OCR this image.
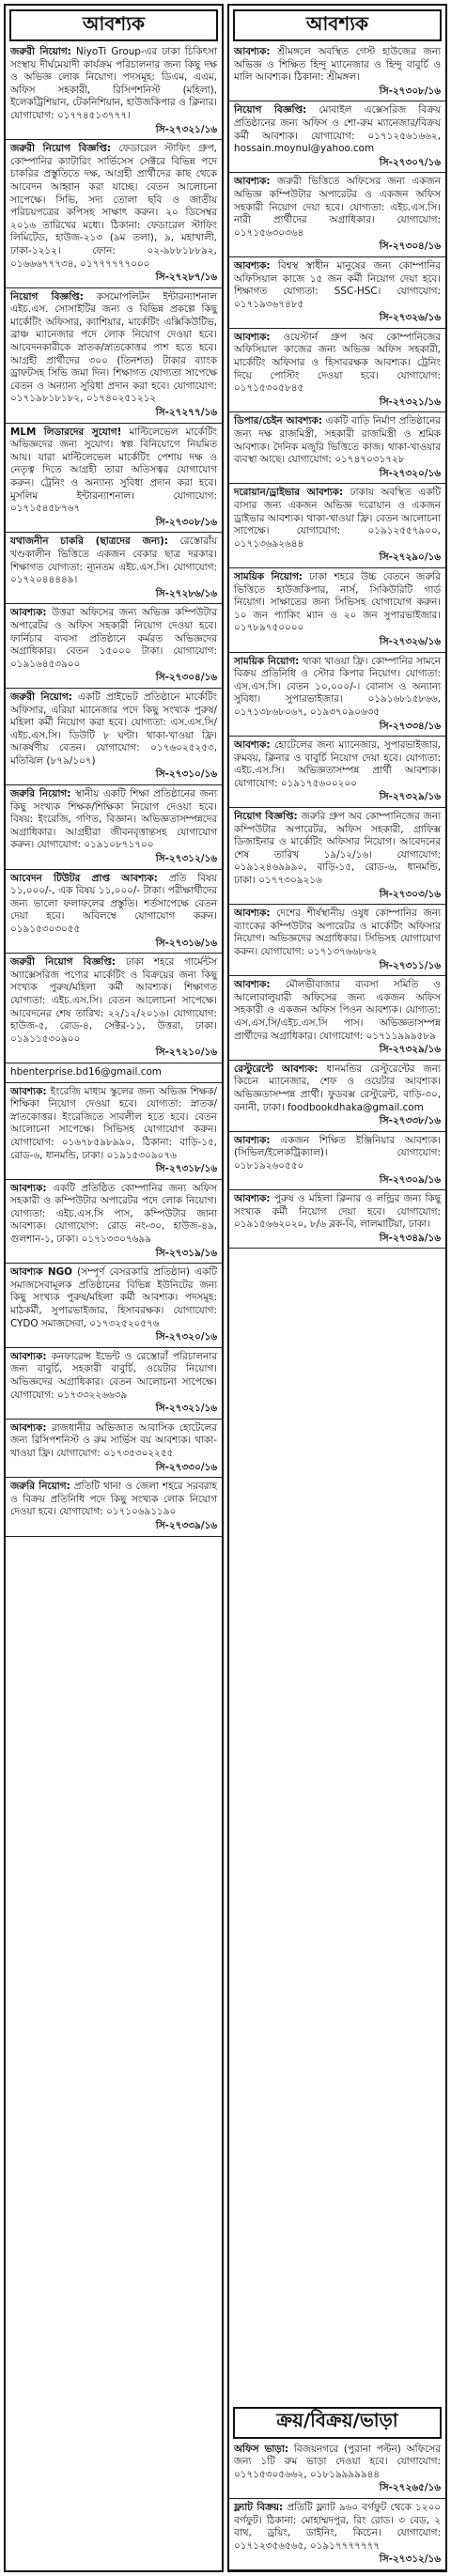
আবশ্যক
জরুরী নিয়োগ: NiyoTi Group-এর ঢাকা চিকিৎসা সংস্থায় দীর্ঘমেয়াদী কার্যক্রম পরিচালনার জন্য কিছু দক্ষ ও অভিজ্ঞ লোক নিয়োগ। পদসমূহ: ডিএম, এএম, অফিস সহকারী, রিসিপশনিস্ট (মহিলা), ইলেকট্রিশিয়ান, টেকনিশিয়ান, হাউজকিপার ও ক্লিনার। যোগাযোগ: ০১৭৭৪৫১৩৭৭৭।
সি-২৭৩২১/১৬
জরুরী নিয়োগ বিজ্ঞপ্তি: ফেডারেল স্টাফিং গ্রুপ, কোম্পানির ক্যাটারিং সার্ভিসেস সেক্টরে বিভিন্ন পদে চাকরির প্রস্তুতিতে দক্ষ, আগ্রহী প্রার্থীদের কাছ থেকে আবেদন আহ্বান করা যাচ্ছে। বেতন আলোচনা সাপেক্ষে। সিভি, সদ্য তোলা ছবি ও জাতীয় পরিচয়পত্রের কপিসহ সাক্ষাৎ করুন। ২০ ডিসেম্বর ২০১৬ তারিখের মধ্যে। ঠিকানা: ফেডারেল স্টাফিং লিমিটেড, হাউজ-২১৩ (৯ম তলা), ৯, মহাখালী, ঢাকা-১২১২। ফোন: ০২-৯৮৮১৮৮৯২, ০১৬৬৬৭৭৭৩৪, ০১৭৭৭৭৭৭০০০
সি-২৭২৮৭/১৬
নিয়োগ বিজ্ঞপ্তি: কসমোপলিটন ইন্টারন্যাশনাল এইচ.এস. সোসাইটির জন্য ও বিভিন্ন প্রকল্পে কিছু মার্কেটিং অফিসার, ক্যাশিয়ার, মার্কেটিং এক্সিকিউটিভ, ব্রাঞ্চ ম্যানেজার পদে লোক নিয়োগ দেওয়া হবে। আবেদনকারীকে স্নাতক/স্নাতকোত্তর পাশ হতে হবে। আগ্রহী প্রার্থীদের ৩০০ (তিনশত) টাকার ব্যাংক ড্রাফটসহ সিভি জমা দিন। শিক্ষাগত যোগ্যতা সাপেক্ষে বেতন ও অন্যান্য সুবিধা প্রদান করা হবে। যোগাযোগ: ০১৭১৯৮১৮১৮২, ০১৭৪০২৫১২১২
সি-২৭২৭৭/১৬
MLM লিডারদের সুযোগ! মাল্টিলেভেল মার্কেটিং অভিজ্ঞদের জন্য সুযোগ। স্বল্প বিনিয়োগে নিয়মিত আয়। যারা মাল্টিলেভেল মার্কেটিং পেশায় দক্ষ ও নেতৃত্ব দিতে আগ্রহী তারা অতিসত্বর যোগাযোগ করুন। ট্রেনিং ও অন্যান্য সুবিধা প্রদান করা হবে। মুসলিম ইন্টারন্যাশনাল। যোগাযোগ: ০১৭১৫৪৫৮৭৬৭
সি-২৭৩০৮/১৬
যথাজনীন চাকরি (ছাত্রদের জন্য): রেস্তোরাঁয় খণ্ডকালীন ভিত্তিতে একজন বেকার ছাত্র দরকার। শিক্ষাগত যোগ্যতা: ন্যূনতম এইচ.এস.সি। যোগাযোগ: ০১৭২০৪৪৪৪৯।
সি-২৭২৮৬/১৬
আবশ্যক: উত্তরা অফিসের জন্য অভিজ্ঞ কম্পিউটার অপারেটর ও অফিস সহকারী নিয়োগ দেওয়া হবে। ফার্নিচার ব্যবসা প্রতিষ্ঠানে কর্মরত অভিজ্ঞদের অগ্রাধিকার। বেতন ১৫০০০ টাকা। যোগাযোগ: ০১৯১৬৪৫৩৯০০
সি-২৭৩০৪/১৬
জরুরী নিয়োগ: একটি প্রাইভেট প্রতিষ্ঠানে মার্কেটিং অফিসার, এরিয়া ম্যানেজার পদে কিছু সংখ্যক পুরুষ/মহিলা কর্মী নিয়োগ করা হবে। যোগ্যতা: এস.এস.সি/এইচ.এস.সি। ডিউটি ৮ ঘণ্টা। থাকা-খাওয়া ফ্রি। আকর্ষণীয় বেতন। যোগাযোগ: ০১৭৬০২৫২৫৩, মতিঝিল (৮৭৯/১০৭)
সি-২৭৩১০/১৬
জরুরি নিয়োগ: স্থানীয় একটি শিক্ষা প্রতিষ্ঠানের জন্য কিছু সংখ্যক শিক্ষক/শিক্ষিকা নিয়োগ দেওয়া হবে। বিষয়: ইংরেজি, গণিত, বিজ্ঞান। অভিজ্ঞতাসম্পন্নদের অগ্রাধিকার। আগ্রহীরা জীবনবৃত্তান্তসহ যোগাযোগ করুন। যোগাযোগ: ০১৯১০৮৭১৭০০
সি-২৭৩১২/১৬
আবেদন টিউটর প্রাপ্ত আবশ্যক: প্রতি বিষয় ১১,০০০/-, এক বিষয় ১১,০০০/- টাকা। পরীক্ষার্থীদের জন্য ভালো ফলাফলের প্রস্তুতি। শর্তসাপেক্ষে বেতন দেয়া হবে। অবিলম্বে যোগাযোগ করুন। ০১৯১৫৩০৩০৫৫
সি-২৭৩১৬/১৬
জরুরী নিয়োগ বিজ্ঞপ্তি: ঢাকা শহরে গার্মেন্টস অ্যাক্সেসরিজ পণ্যের মার্কেটিং ও বিক্রয়ের জন্য কিছু সংখ্যক পুরুষ/মহিলা কর্মী আবশ্যক। শিক্ষাগত যোগ্যতা: এইচ.এস.সি। বেতন আলোচনা সাপেক্ষে। আবেদনের শেষ তারিখ: ২২/১২/২০১৬। যোগাযোগ: হাউজ-৫, রোড-৪, সেক্টর-১১, উত্তরা, ঢাকা। ০১৯১১৫৩০৯০০
সি-২৭২১০/১৬
hbenterprise.bd16@gmail.com
আবশ্যক: ইংরেজি মাধ্যম স্কুলের জন্য অভিজ্ঞ শিক্ষক/শিক্ষিকা নিয়োগ দেওয়া হবে। যোগ্যতা: স্নাতক/স্নাতকোত্তর। ইংরেজিতে সাবলীল হতে হবে। বেতন আলোচনা সাপেক্ষে। সিভিসহ যোগাযোগ করুন। যোগাযোগ: ০১৬৭৮৫৯৮৯৯০, ঠিকানা: বাড়ি-১৫, রোড-৬, ধানমন্ডি, ঢাকা। ০১৯১৫৩০৯০৭৬
সি-২৭৩১৮/১৬
আবশ্যক: একটি প্রতিষ্ঠিত কোম্পানির জন্য অফিস সহকারী ও কম্পিউটার অপারেটর পদে লোক নিয়োগ। যোগ্যতা: এইচ.এস.সি পাস, কম্পিউটার জানা আবশ্যক। যোগাযোগ: রোড নং-৩০, হাউজ-৪৯, গুলশান-১, ঢাকা। ০১৭১৩৩০৭৬৯৯
সি-২৭৩১৯/১৬
আবশ্যক NGO (সম্পূর্ণ বেসরকারি প্রতিষ্ঠান) একটি সমাজসেবামূলক প্রতিষ্ঠানের বিভিন্ন ইউনিটের জন্য কিছু সংখ্যক পুরুষ/মহিলা কর্মী আবশ্যক। পদসমূহ: মাঠকর্মী, সুপারভাইজার, হিসাবরক্ষক। যোগাযোগ: CYDO সমাজসেবা, ০১৭৩২৫২০৫৭৬
সি-২৭৩২০/১৬
আবশ্যক: কনফারেন্স ইভেন্ট ও রেস্তোরাঁ পরিচালনার জন্য বাবুর্চি, সহকারী বাবুর্চি, ওয়েটার নিয়োগ। অভিজ্ঞদের অগ্রাধিকার। বেতন আলোচনা সাপেক্ষে। যোগাযোগ: ০১৭৩৩২২৬৬৩৯
সি-২৭৩২১/১৬
আবশ্যক: রাজধানীর অভিজাত আবাসিক হোটেলের জন্য রিসিপশনিস্ট ও রুম সার্ভিস বয় আবশ্যক। থাকা-খাওয়া ফ্রি। যোগাযোগ: ০১৭৩৫৩০২২৫৫
সি-২৭৩৩০/১৬
জরুরি নিয়োগ: প্রতিটি থানা ও জেলা শহরে সরবরাহ ও বিক্রয় প্রতিনিধি পদে কিছু সংখ্যক লোক নিয়োগ দেওয়া হবে। যোগাযোগ: ০১৭১০৬৯১১৯০
সি-২৭৩৩৯/১৬
আবশ্যক
আবশ্যক: শ্রীমঙ্গলে অবস্থিত গেস্ট হাউজের জন্য অভিজ্ঞ ও শিক্ষিত হিন্দু ম্যানেজার ও হিন্দু বাবুর্চি ও মালি আবশ্যক। ঠিকানা: শ্রীমঙ্গল।
সি-২৭৩০৮/১৬
নিয়োগ বিজ্ঞপ্তি: মোবাইল এক্সেসরিজ বিক্রয় প্রতিষ্ঠানের জন্য অফিস ও শো-রুম ম্যানেজার/বিক্রয় কর্মী আবশ্যক। যোগাযোগ: ০১৭১২৫৬১৬৬২, hossain.moynul@yahoo.com
সি-২৭৩০৭/১৬
আবশ্যক: জরুরী ভিত্তিতে অফিসের জন্য একজন অভিজ্ঞ কম্পিউটার অপারেটর ও একজন অফিস সহকারী নিয়োগ দেয়া হবে। যোগ্যতা: এইচ.এস.সি। নারী প্রার্থীদের অগ্রাধিকার। যোগাযোগ: ০১৭১৫৬৩০৩৬৪
সি-২৭৩০৪/১৬
আবশ্যক: বিশ্বস্থ স্বাধীন মানুষের জন্য কোম্পানির অফিসিয়াল কাজে ১৫ জন কর্মী নিয়োগ দেয়া হবে। শিক্ষাগত যোগ্যতা: SSC-HSC। যোগাযোগ: ০১৭১৯৩৬৭৪৮৫
সি-২৭৩২৬/১৬
আবশ্যক: ওয়েস্টার্ন গ্রুপ অব কোম্পানিজের অফিসিয়াল কাজের জন্য অভিজ্ঞ অফিস সহকারী, মার্কেটিং অফিসার ও হিসাবরক্ষক আবশ্যক। ট্রেনিং দিয়ে পোস্টিং দেওয়া হবে। যোগাযোগ: ০১৭১৫৩০৫৮৪৫
সি-২৭৩২১/১৬
ডিপার/চেইন আবশ্যক: একটি বাড়ি নির্মাণ প্রতিষ্ঠানের জন্য দক্ষ রাজমিস্ত্রী, সহকারী রাজমিস্ত্রী ও শ্রমিক আবশ্যক। দৈনিক মজুরি ভিত্তিতে কাজ। থাকা-খাওয়ার ব্যবস্থা আছে। যোগাযোগ: ০১৭৪৭০৩১৭২৮
সি-২৭৩২০/১৬
দরোয়ান/ড্রাইভার আবশ্যক: ঢাকায় অবস্থিত একটি বাসার জন্য একজন অভিজ্ঞ দরোয়ান ও একজন ড্রাইভার আবশ্যক। থাকা-খাওয়া ফ্রি। বেতন আলোচনা সাপেক্ষে। যোগাযোগ: ০১৯১২৫৫৭৯০০, ০১৭১৩৬৯২৬৪৪
সি-২৭২৯০/১৬
সাময়িক নিয়োগ: ঢাকা শহরে উচ্চ বেতনে জরুরি ভিত্তিতে হাউজকিপার, নার্স, সিকিউরিটি গার্ড নিয়োগ। সাক্ষাতের জন্য সিভিসহ যোগাযোগ করুন। ১০ জন প্যাকিং ম্যান ও ২০ জন সুপারভাইজার। ০১৭৮৯৭৫০০০০
সি-২৭৩২৬/১৬
সাময়িক নিয়োগ: থাকা খাওয়া ফ্রি। কোম্পানির সামনে বিক্রয় প্রতিনিধি ও স্টোর কিপার নিয়োগ। যোগ্যতা: এস.এস.সি। বেতন ১০,০০০/-। বোনাস ও অন্যান্য সুবিধা। সুপারভাইজার। ০১৯১৬৮১৫৮৬৬, ০১৭১৩৮৬৮০৬৭, ০১৯৩৭০৯০৬৩৫
সি-২৭৩৩৪/১৬
আবশ্যক: হোটেলের জন্য ম্যানেজার, সুপারভাইজার, রুমবয়, ক্লিনার ও বাবুর্চি নিয়োগ দেয়া হবে। যোগ্যতা: এইচ.এস.সি। অভিজ্ঞতাসম্পন্ন প্রার্থী আবশ্যক। যোগাযোগ: ০১৯১৭৫৬০০২০০
সি-২৭৩২৯/১৬
নিয়োগ বিজ্ঞপ্তি: জরুরি গ্রুপ অব কোম্পানিজের জন্য কম্পিউটার অপারেটর, অফিস সহকারী, গ্রাফিক্স ডিজাইনার ও মার্কেটিং অফিসার নিয়োগ। আবেদনের শেষ তারিখ ১৯/১২/১৬। যোগাযোগ: ০১৯১২৪৬৯৯৯০, বাড়ি-১৫, রোড-৬, ধানমন্ডি, ঢাকা। ০১৭৭৩০৯২১৬
সি-২৭৩০৩/১৬
আবশ্যক: দেশের শীর্ষস্থানীয় ওষুধ কোম্পানির জন্য ব্যাংকের কম্পিউটার অপারেটর ও মার্কেটিং অফিসার নিয়োগ। অভিজ্ঞদের অগ্রাধিকার। সিভিসহ যোগাযোগ করুন। যোগাযোগ: ০১৭১৩৭৬৬৮৬২
সি-২৭৩১১/১৬
আবশ্যক: মৌলভীবাজার ব্যবসা সমিতি ও আলোবালুয়ারী অফিসের জন্য একজন অফিস সহকারী ও একজন অফিস পিওন আবশ্যক। যোগ্যতা: এস.এস.সি/এইচ.এস.সি পাস। অভিজ্ঞতাসম্পন্ন প্রার্থীদের অগ্রাধিকার। যোগাযোগ: ০১৭১১৯৯৯৫৮৯
সি-২৭৩২৯/১৬
রেস্টুরেন্টে আবশ্যক: ধানমন্ডির রেস্টুরেন্টের জন্য কিচেন ম্যানেজার, শেফ ও ওয়েটার আবশ্যক। অভিজ্ঞতাসম্পন্ন প্রার্থী। ফুডবক্স রেস্টুরেন্ট, বাড়ি-৩০, বনানী, ঢাকা। foodbookdhaka@gmail.com
সি-২৭৩৩৮/১৬
আবশ্যক: একজন শিক্ষিত ইঞ্জিনিয়ার আবশ্যক। (সিভিল/ইলেকট্রিক্যাল)। যোগাযোগ: ০১৮১৯২৬০৫৫০
সি-২৭৩০৯/১৬
আবশ্যক: পুরুষ ও মহিলা ক্লিনার ও লন্ড্রির জন্য কিছু সংখ্যক কর্মী নিয়োগ দেয়া হবে। যোগাযোগ: ০১৯১৫৬৬২০২০, ৮/৬ ব্লক-বি, লালমাটিয়া, ঢাকা।
সি-২৭৩৪৯/১৬
ক্রয়/বিক্রয়/ভাড়া
অফিস ভাড়া: বিজয়নগরে (পুরানা পল্টন) অফিসের জন্য ১টি রুম ভাড়া দেওয়া হবে। যোগাযোগ: ০১৭১৫৩০৫৬৬২, ০১৮১৯৯৯৯৯৪৪
সি-২৭২৬৫/১৬
ফ্ল্যাট বিক্রয়: প্রতিটি ফ্ল্যাট ৯৬০ বর্গফুট থেকে ১২০০ বর্গফুট। ঠিকানা: মোহাম্মদপুর, রিং রোড। ৩ বেড, ২ বাথ, ড্রয়িং, ডাইনিং, কিচেন। যোগাযোগ: ০১৭১২৩৫৬৫৬৫, ০১৯১৭৭৭৭৭৭৭
সি-২৭৩১২/১৬
